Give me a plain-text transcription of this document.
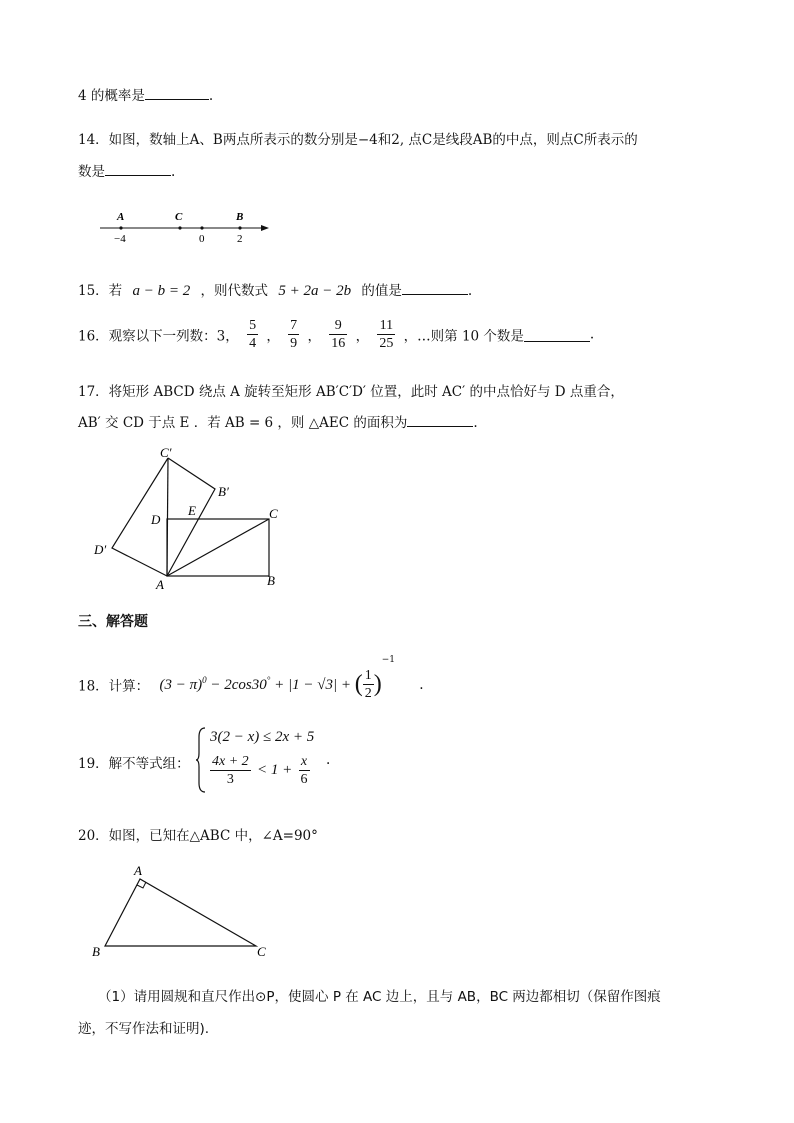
4 的概率是	.
14．如图，数轴上A、B两点所表示的数分别是−4和2, 点C是线段AB的中点，则点C所表示的
数是	.
A	C	B
−4	0	2
15．若 a − b = 2 ，则代数式 5 + 2a − 2b 的值是	.
16．观察以下一列数：3， $\frac{5}{4}$ ， $\frac{7}{9}$ ， $\frac{9}{16}$ ， $\frac{11}{25}$ ，…则第 10 个数是	.
17．将矩形 ABCD 绕点 A 旋转至矩形 AB′C′D′ 位置，此时 AC′ 的中点恰好与 D 点重合，
AB′ 交 CD 于点 E ．若 AB = 6 ，则 △AEC 的面积为	.
C′
B′
D
E	C
D′
A	B
三、解答题
18．计算： $(3 - \pi)^0 - 2\cos 30^\circ + |1 - √3|$ + ( $\frac{1}{2} )^{-1}$ .
19．解不等式组：
3(2 − x) ≤ 2x + 5
$\frac{4x + 2}{3} < 1 + \frac{x}{6}$ .
20．如图，已知在△ABC 中，∠A=90°
A
B	C
（1）请用圆规和直尺作出⊙P，使圆心 P 在 AC 边上，且与 AB，BC 两边都相切（保留作图痕
迹，不写作法和证明).
